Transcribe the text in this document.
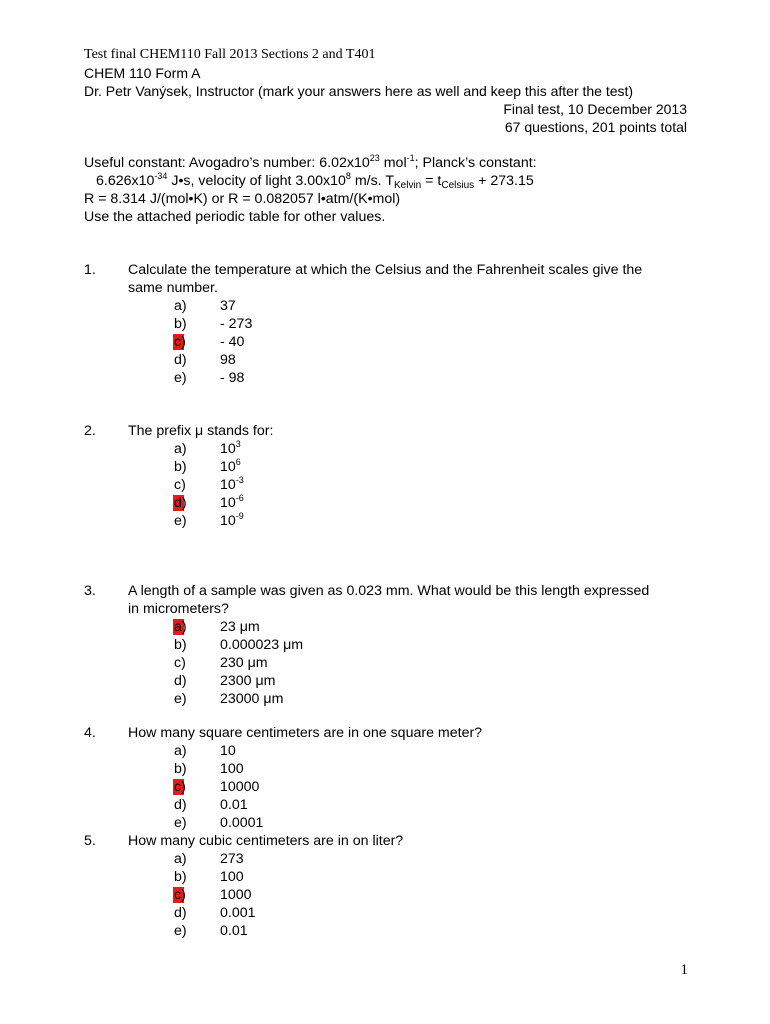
Test final CHEM110 Fall 2013 Sections 2 and T401
CHEM 110 Form A
Dr. Petr Vanýsek, Instructor (mark your answers here as well and keep this after the test)
Final test, 10 December 2013
67 questions, 201 points total
Useful constant: Avogadro’s number: $6.02x10^{23}$ mol$^{-1}$; Planck’s constant:
$6.626x10^{-34}$ J•s, velocity of light $3.00x10^8$ m/s. $T_{Kelvin} = t_{Celsius} + 273.15$
R = 8.314 J/(mol•K) or R = 0.082057 l•atm/(K•mol)
Use the attached periodic table for other values.
1. Calculate the temperature at which the Celsius and the Fahrenheit scales give the
same number.
a) 37
b) - 273
c) - 40
d) 98
e) - 98
2. The prefix μ stands for:
a) $10^3$
b) $10^6$
c) $10^{-3}$
d) $10^{-6}$
e) $10^{-9}$
3. A length of a sample was given as 0.023 mm. What would be this length expressed
in micrometers?
a) 23 μm
b) 0.000023 μm
c) 230 μm
d) 2300 μm
e) 23000 μm
4. How many square centimeters are in one square meter?
a) 10
b) 100
c) 10000
d) 0.01
e) 0.0001
5. How many cubic centimeters are in on liter?
a) 273
b) 100
c) 1000
d) 0.001
e) 0.01
1
